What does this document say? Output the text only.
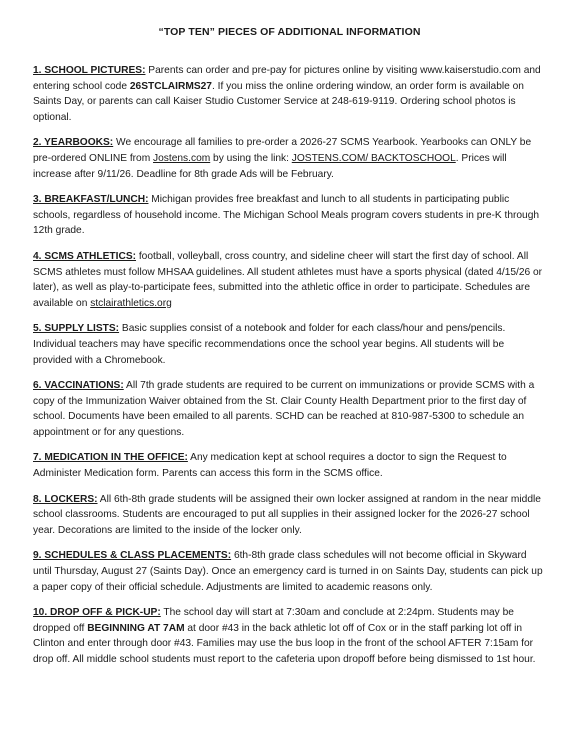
“TOP TEN” PIECES OF ADDITIONAL INFORMATION
1. SCHOOL PICTURES: Parents can order and pre-pay for pictures online by visiting www.kaiserstudio.com and entering school code 26STCLAIRMS27. If you miss the online ordering window, an order form is available on Saints Day, or parents can call Kaiser Studio Customer Service at 248-619-9119. Ordering school photos is optional.
2. YEARBOOKS: We encourage all families to pre-order a 2026-27 SCMS Yearbook. Yearbooks can ONLY be pre-ordered ONLINE from Jostens.com by using the link: JOSTENS.COM/ BACKTOSCHOOL. Prices will increase after 9/11/26. Deadline for 8th grade Ads will be February.
3. BREAKFAST/LUNCH: Michigan provides free breakfast and lunch to all students in participating public schools, regardless of household income. The Michigan School Meals program covers students in pre-K through 12th grade.
4. SCMS ATHLETICS: football, volleyball, cross country, and sideline cheer will start the first day of school. All SCMS athletes must follow MHSAA guidelines. All student athletes must have a sports physical (dated 4/15/26 or later), as well as play-to-participate fees, submitted into the athletic office in order to participate. Schedules are available on stclairathletics.org
5. SUPPLY LISTS: Basic supplies consist of a notebook and folder for each class/hour and pens/pencils. Individual teachers may have specific recommendations once the school year begins. All students will be provided with a Chromebook.
6. VACCINATIONS: All 7th grade students are required to be current on immunizations or provide SCMS with a copy of the Immunization Waiver obtained from the St. Clair County Health Department prior to the first day of school. Documents have been emailed to all parents. SCHD can be reached at 810-987-5300 to schedule an appointment or for any questions.
7. MEDICATION IN THE OFFICE: Any medication kept at school requires a doctor to sign the Request to Administer Medication form. Parents can access this form in the SCMS office.
8. LOCKERS: All 6th-8th grade students will be assigned their own locker assigned at random in the near middle school classrooms. Students are encouraged to put all supplies in their assigned locker for the 2026-27 school year. Decorations are limited to the inside of the locker only.
9. SCHEDULES & CLASS PLACEMENTS: 6th-8th grade class schedules will not become official in Skyward until Thursday, August 27 (Saints Day). Once an emergency card is turned in on Saints Day, students can pick up a paper copy of their official schedule. Adjustments are limited to academic reasons only.
10. DROP OFF & PICK-UP: The school day will start at 7:30am and conclude at 2:24pm. Students may be dropped off BEGINNING AT 7AM at door #43 in the back athletic lot off of Cox or in the staff parking lot off in Clinton and enter through door #43. Families may use the bus loop in the front of the school AFTER 7:15am for drop off. All middle school students must report to the cafeteria upon dropoff before being dismissed to 1st hour.
